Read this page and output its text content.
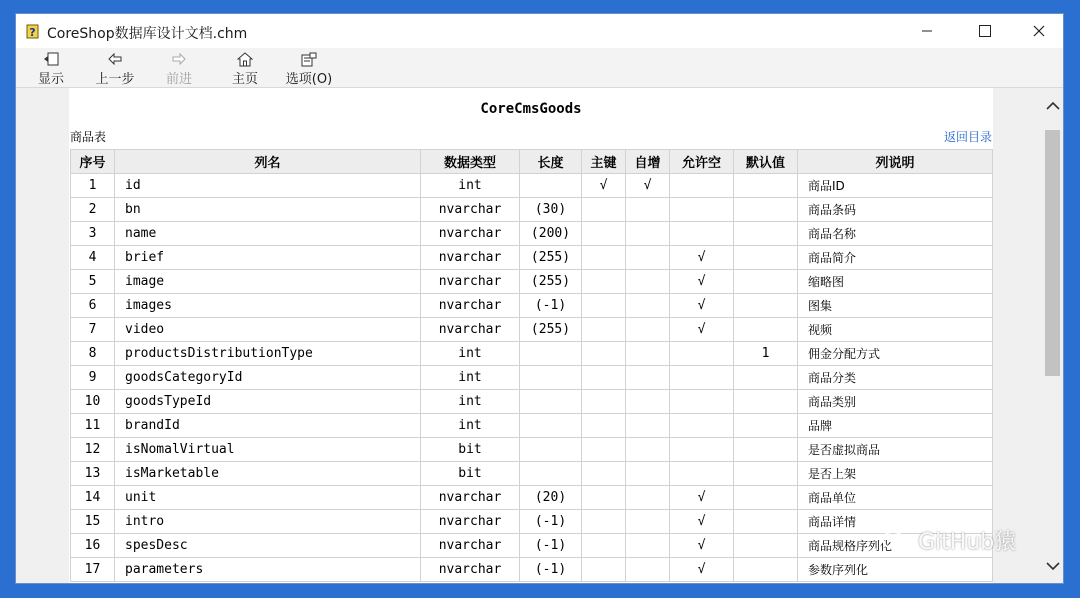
? CoreShop数据库设计文档.chm
显示 上一步 前进	主页 选项(O)
CoreCmsGoods
商品表	返回目录
序号	列名	数据类型	长度	主键	自增	允许空	默认值	列说明
1	id	int		√	√			商品ID
2	bn	nvarchar	(30)					商品条码
3	name	nvarchar	(200)					商品名称
4	brief	nvarchar	(255)			√		商品简介
5	image	nvarchar	(255)			√		缩略图
6	images	nvarchar	(-1)			√		图集
7	video	nvarchar	(255)			√		视频
8	productsDistributionType	int					1	佣金分配方式
9	goodsCategoryId	int						商品分类
10	goodsTypeId	int						商品类别
11	brandId	int						品牌
12	isNomalVirtual	bit						是否虚拟商品
13	isMarketable	bit						是否上架
14	unit	nvarchar	(20)			√		商品单位
15	intro	nvarchar	(-1)			√		商品详情
16	spesDesc	nvarchar	(-1)			√		商品规格序列化
17	parameters	nvarchar	(-1)			√		参数序列化
GitHub猿
